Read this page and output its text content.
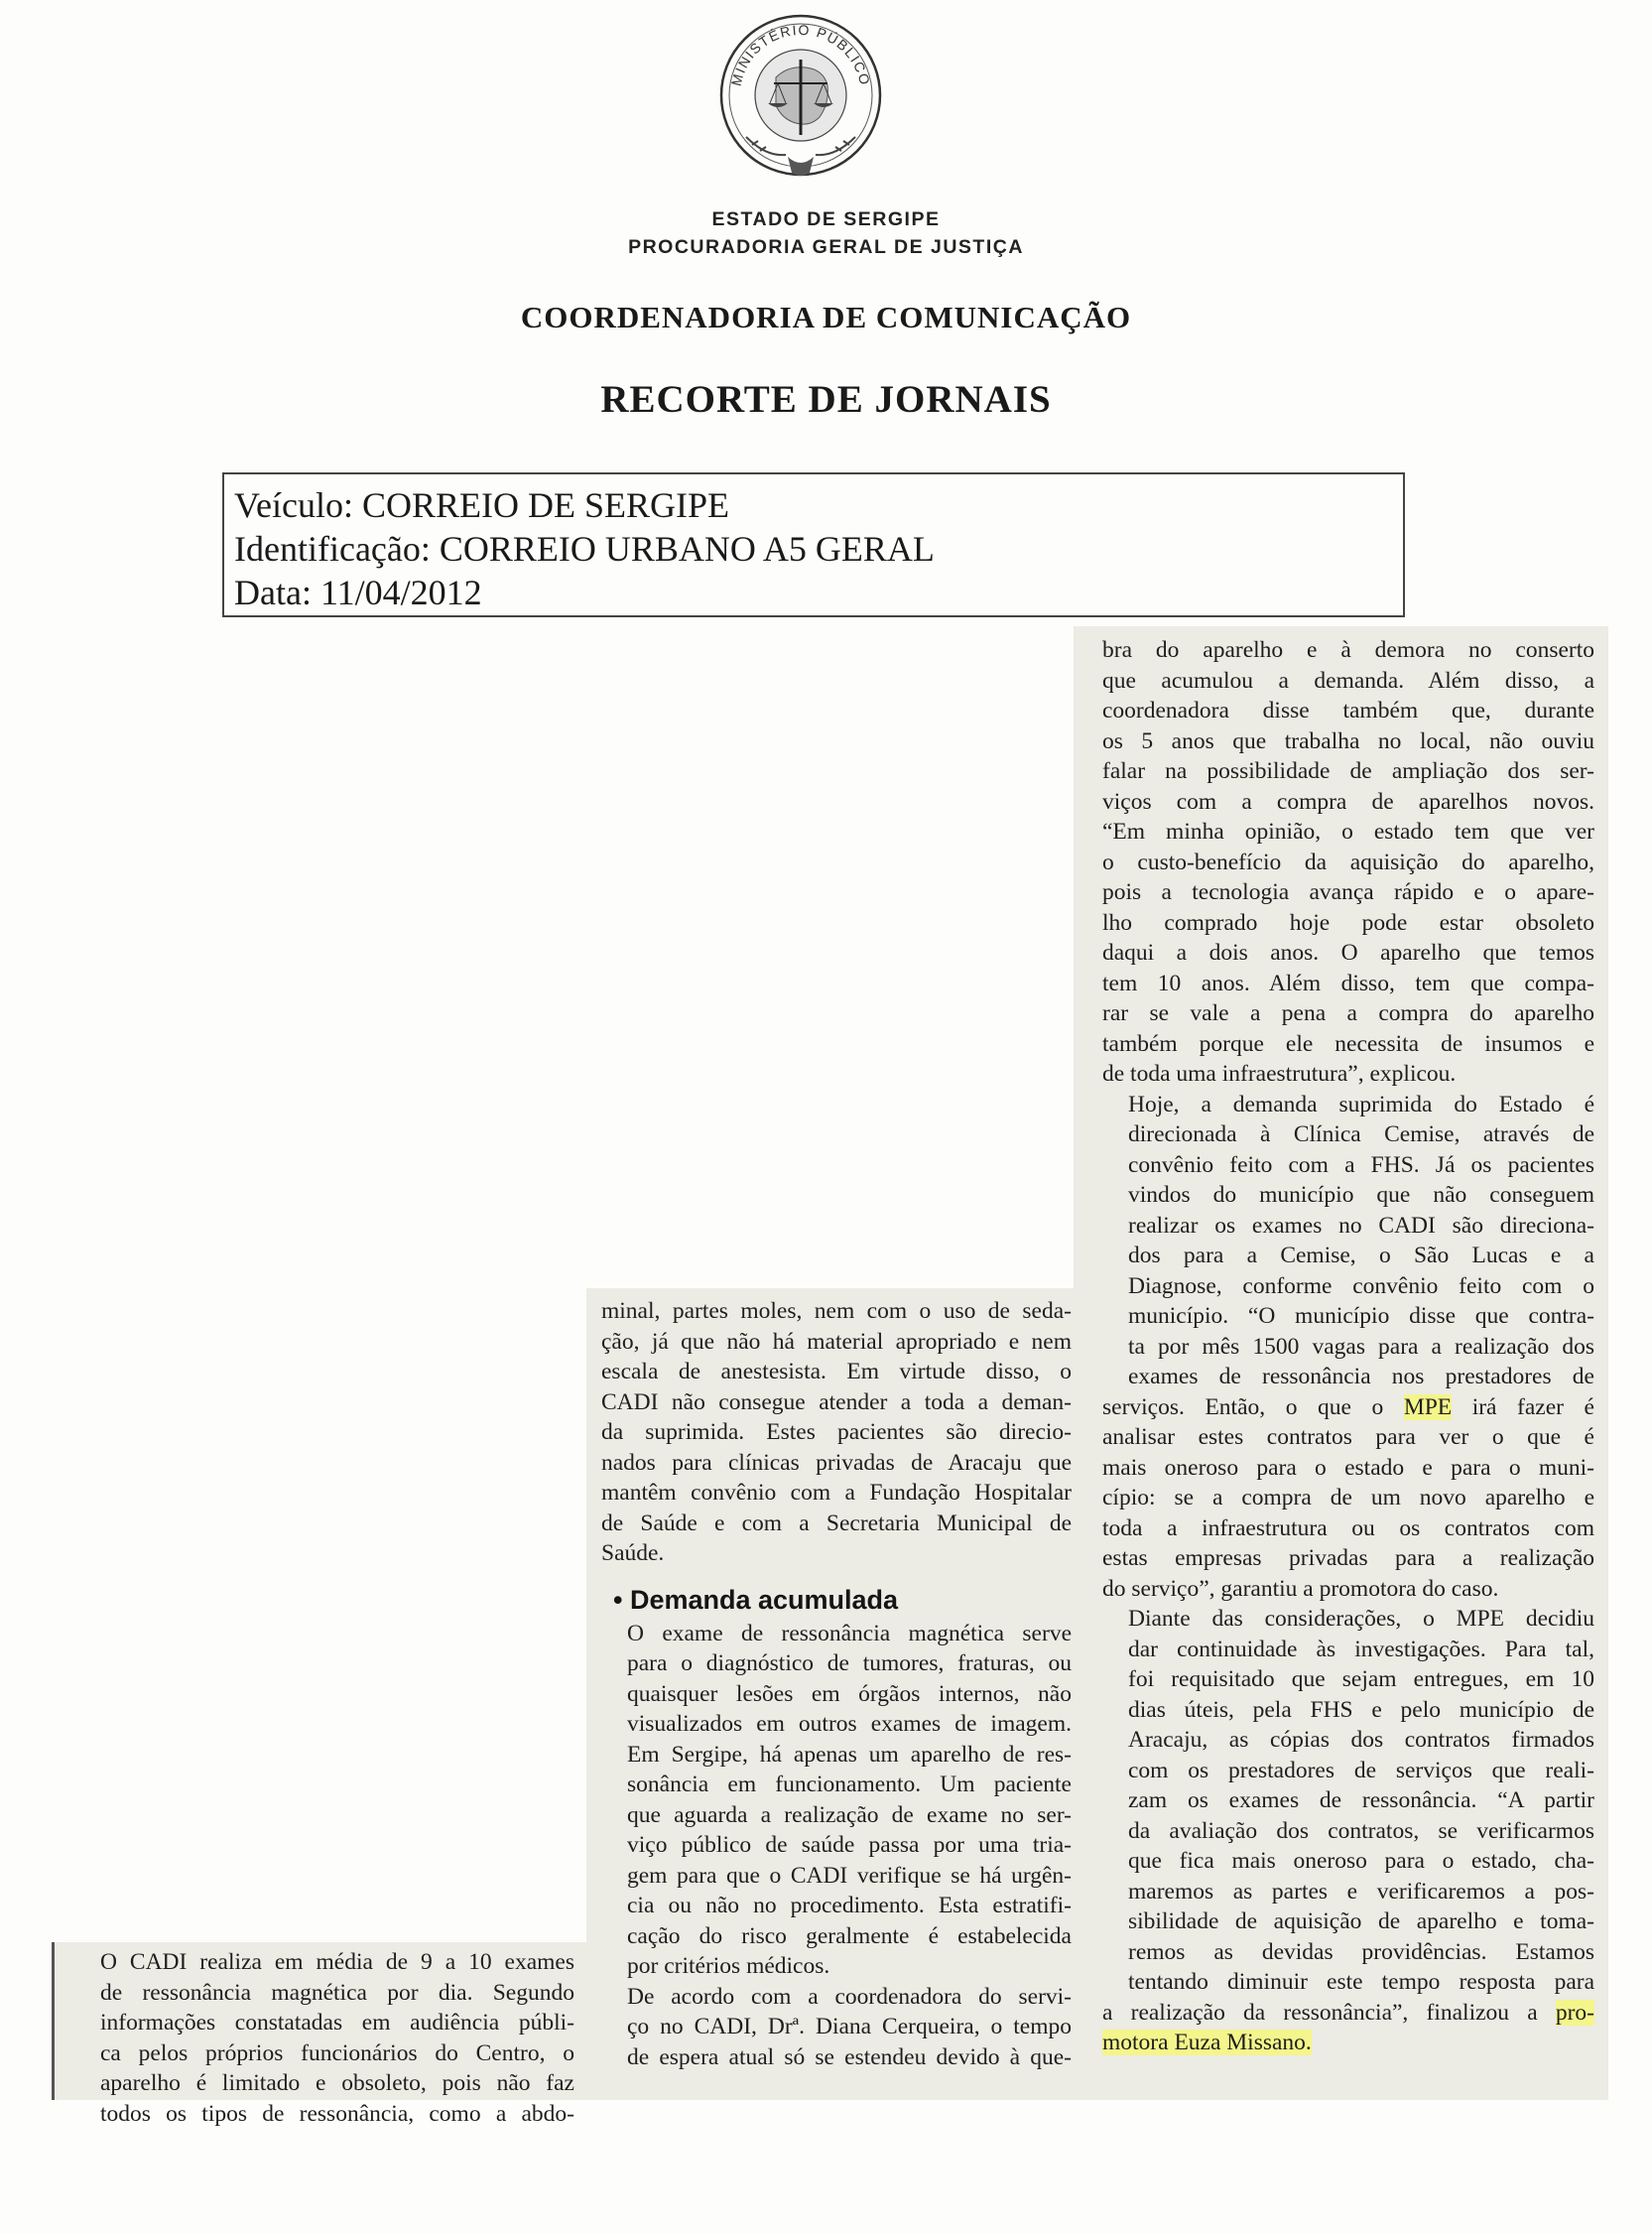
MINISTÉRIO PÚBLICO
ESTADO DE SERGIPE
PROCURADORIA GERAL DE JUSTIÇA
COORDENADORIA DE COMUNICAÇÃO
RECORTE DE JORNAIS
Veículo: CORREIO DE SERGIPE
Identificação: CORREIO URBANO A5 GERAL
Data: 11/04/2012

O CADI realiza em média de 9 a 10 exames
de ressonância magnética por dia. Segundo
informações constatadas em audiência públi-
ca pelos próprios funcionários do Centro, o
aparelho é limitado e obsoleto, pois não faz
todos os tipos de ressonância, como a abdo-

minal, partes moles, nem com o uso de seda-
ção, já que não há material apropriado e nem
escala de anestesista. Em virtude disso, o
CADI não consegue atender a toda a deman-
da suprimida. Estes pacientes são direcio-
nados para clínicas privadas de Aracaju que
mantêm convênio com a Fundação Hospitalar
de Saúde e com a Secretaria Municipal de
Saúde.

• Demanda acumulada

O exame de ressonância magnética serve
para o diagnóstico de tumores, fraturas, ou
quaisquer lesões em órgãos internos, não
visualizados em outros exames de imagem.
Em Sergipe, há apenas um aparelho de res-
sonância em funcionamento. Um paciente
que aguarda a realização de exame no ser-
viço público de saúde passa por uma tria-
gem para que o CADI verifique se há urgên-
cia ou não no procedimento. Esta estratifi-
cação do risco geralmente é estabelecida
por critérios médicos.

De acordo com a coordenadora do servi-
ço no CADI, Drª. Diana Cerqueira, o tempo
de espera atual só se estendeu devido à que-

bra do aparelho e à demora no conserto
que acumulou a demanda. Além disso, a
coordenadora disse também que, durante
os 5 anos que trabalha no local, não ouviu
falar na possibilidade de ampliação dos ser-
viços com a compra de aparelhos novos.
“Em minha opinião, o estado tem que ver
o custo-benefício da aquisição do aparelho,
pois a tecnologia avança rápido e o apare-
lho comprado hoje pode estar obsoleto
daqui a dois anos. O aparelho que temos
tem 10 anos. Além disso, tem que compa-
rar se vale a pena a compra do aparelho
também porque ele necessita de insumos e
de toda uma infraestrutura”, explicou.

Hoje, a demanda suprimida do Estado é
direcionada à Clínica Cemise, através de
convênio feito com a FHS. Já os pacientes
vindos do município que não conseguem
realizar os exames no CADI são direciona-
dos para a Cemise, o São Lucas e a
Diagnose, conforme convênio feito com o
município. “O município disse que contra-
ta por mês 1500 vagas para a realização dos
exames de ressonância nos prestadores de

serviços. Então, o que o MPE irá fazer é

analisar estes contratos para ver o que é
mais oneroso para o estado e para o muni-
cípio: se a compra de um novo aparelho e
toda a infraestrutura ou os contratos com
estas empresas privadas para a realização
do serviço”, garantiu a promotora do caso.

Diante das considerações, o MPE decidiu
dar continuidade às investigações. Para tal,
foi requisitado que sejam entregues, em 10
dias úteis, pela FHS e pelo município de
Aracaju, as cópias dos contratos firmados
com os prestadores de serviços que reali-
zam os exames de ressonância. “A partir
da avaliação dos contratos, se verificarmos
que fica mais oneroso para o estado, cha-
maremos as partes e verificaremos a pos-
sibilidade de aquisição de aparelho e toma-
remos as devidas providências. Estamos
tentando diminuir este tempo resposta para

a realização da ressonância”, finalizou a pro-
motora Euza Missano.
